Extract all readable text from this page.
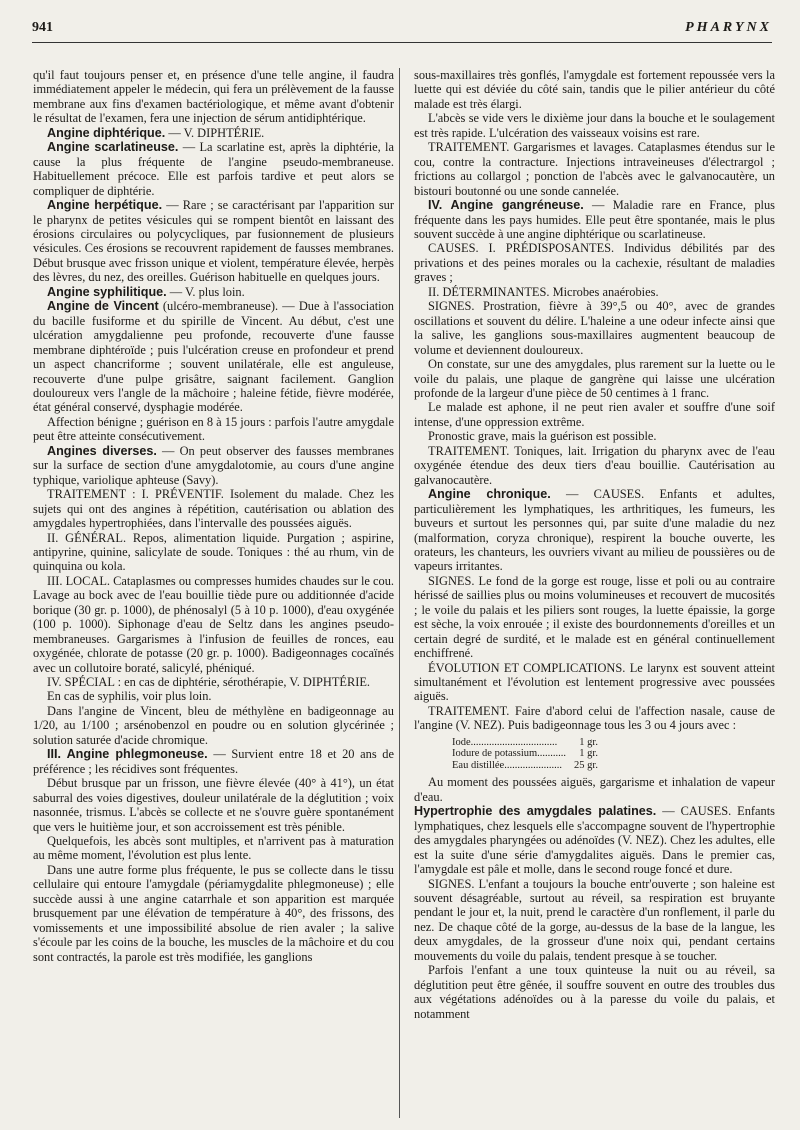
941	PHARYNX

qu'il faut toujours penser et, en présence d'une telle angine, il faudra immédiatement appeler le médecin, qui fera un prélèvement de la fausse membrane aux fins d'examen bactériologique, et même avant d'obtenir le résultat de l'examen, fera une injection de sérum antidiphtérique.

Angine diphtérique. — V. DIPHTÉRIE.

Angine scarlatineuse. — La scarlatine est, après la diphtérie, la cause la plus fréquente de l'angine pseudo-membraneuse. Habituellement précoce. Elle est parfois tardive et peut alors se compliquer de diphtérie.

Angine herpétique. — Rare ; se caractérisant par l'apparition sur le pharynx de petites vésicules qui se rompent bientôt en laissant des érosions circulaires ou polycycliques, par fusionnement de plusieurs vésicules. Ces érosions se recouvrent rapidement de fausses membranes. Début brusque avec frisson unique et violent, température élevée, herpès des lèvres, du nez, des oreilles. Guérison habituelle en quelques jours.

Angine syphilitique. — V. plus loin.

Angine de Vincent (ulcéro-membraneuse). — Due à l'association du bacille fusiforme et du spirille de Vincent. Au début, c'est une ulcération amygdalienne peu profonde, recouverte d'une fausse membrane diphtéroïde ; puis l'ulcération creuse en profondeur et prend un aspect chancriforme ; souvent unilatérale, elle est anguleuse, recouverte d'une pulpe grisâtre, saignant facilement. Ganglion douloureux vers l'angle de la mâchoire ; haleine fétide, fièvre modérée, état général conservé, dysphagie modérée.

Affection bénigne ; guérison en 8 à 15 jours : parfois l'autre amygdale peut être atteinte consécutivement.

Angines diverses. — On peut observer des fausses membranes sur la surface de section d'une amygdalotomie, au cours d'une angine typhique, variolique aphteuse (Savy).

TRAITEMENT : I. PRÉVENTIF. Isolement du malade. Chez les sujets qui ont des angines à répétition, cautérisation ou ablation des amygdales hypertrophiées, dans l'intervalle des poussées aiguës.

II. GÉNÉRAL. Repos, alimentation liquide. Purgation ; aspirine, antipyrine, quinine, salicylate de soude. Toniques : thé au rhum, vin de quinquina ou kola.

III. LOCAL. Cataplasmes ou compresses humides chaudes sur le cou. Lavage au bock avec de l'eau bouillie tiède pure ou additionnée d'acide borique (30 gr. p. 1000), de phénosalyl (5 à 10 p. 1000), d'eau oxygénée (100 p. 1000). Siphonage d'eau de Seltz dans les angines pseudo-membraneuses. Gargarismes à l'infusion de feuilles de ronces, eau oxygénée, chlorate de potasse (20 gr. p. 1000). Badigeonnages cocaïnés avec un collutoire boraté, salicylé, phéniqué.

IV. SPÉCIAL : en cas de diphtérie, sérothérapie, V. DIPHTÉRIE.

En cas de syphilis, voir plus loin.

Dans l'angine de Vincent, bleu de méthylène en badigeonnage au 1/20, au 1/100 ; arsénobenzol en poudre ou en solution glycérinée ; solution saturée d'acide chromique.

III. Angine phlegmoneuse. — Survient entre 18 et 20 ans de préférence ; les récidives sont fréquentes.

Début brusque par un frisson, une fièvre élevée (40° à 41°), un état saburral des voies digestives, douleur unilatérale de la déglutition ; voix nasonnée, trismus. L'abcès se collecte et ne s'ouvre guère spontanément que vers le huitième jour, et son accroissement est très pénible.

Quelquefois, les abcès sont multiples, et n'arrivent pas à maturation au même moment, l'évolution est plus lente.

Dans une autre forme plus fréquente, le pus se collecte dans le tissu cellulaire qui entoure l'amygdale (périamygdalite phlegmoneuse) ; elle succède aussi à une angine catarrhale et son apparition est marquée brusquement par une élévation de température à 40°, des frissons, des vomissements et une impossibilité absolue de rien avaler ; la salive s'écoule par les coins de la bouche, les muscles de la mâchoire et du cou sont contractés, la parole est très modifiée, les ganglions

sous-maxillaires très gonflés, l'amygdale est fortement repoussée vers la luette qui est déviée du côté sain, tandis que le pilier antérieur du côté malade est très élargi.

L'abcès se vide vers le dixième jour dans la bouche et le soulagement est très rapide. L'ulcération des vaisseaux voisins est rare.

TRAITEMENT. Gargarismes et lavages. Cataplasmes étendus sur le cou, contre la contracture. Injections intraveineuses d'électrargol ; frictions au collargol ; ponction de l'abcès avec le galvanocautère, un bistouri boutonné ou une sonde cannelée.

IV. Angine gangréneuse. — Maladie rare en France, plus fréquente dans les pays humides. Elle peut être spontanée, mais le plus souvent succède à une angine diphtérique ou scarlatineuse.

CAUSES. I. PRÉDISPOSANTES. Individus débilités par des privations et des peines morales ou la cachexie, résultant de maladies graves ;

II. DÉTERMINANTES. Microbes anaérobies.

SIGNES. Prostration, fièvre à 39°,5 ou 40°, avec de grandes oscillations et souvent du délire. L'haleine a une odeur infecte ainsi que la salive, les ganglions sous-maxillaires augmentent beaucoup de volume et deviennent douloureux.

On constate, sur une des amygdales, plus rarement sur la luette ou le voile du palais, une plaque de gangrène qui laisse une ulcération profonde de la largeur d'une pièce de 50 centimes à 1 franc.

Le malade est aphone, il ne peut rien avaler et souffre d'une soif intense, d'une oppression extrême.

Pronostic grave, mais la guérison est possible.

TRAITEMENT. Toniques, lait. Irrigation du pharynx avec de l'eau oxygénée étendue des deux tiers d'eau bouillie. Cautérisation au galvanocautère.

Angine chronique. — CAUSES. Enfants et adultes, particulièrement les lymphatiques, les arthritiques, les fumeurs, les buveurs et surtout les personnes qui, par suite d'une maladie du nez (malformation, coryza chronique), respirent la bouche ouverte, les orateurs, les chanteurs, les ouvriers vivant au milieu de poussières ou de vapeurs irritantes.

SIGNES. Le fond de la gorge est rouge, lisse et poli ou au contraire hérissé de saillies plus ou moins volumineuses et recouvert de mucosités ; le voile du palais et les piliers sont rouges, la luette épaissie, la gorge est sèche, la voix enrouée ; il existe des bourdonnements d'oreilles et un certain degré de surdité, et le malade est en général continuellement enchiffrené.

ÉVOLUTION ET COMPLICATIONS. Le larynx est souvent atteint simultanément et l'évolution est lentement progressive avec poussées aiguës.

TRAITEMENT. Faire d'abord celui de l'affection nasale, cause de l'angine (V. NEZ). Puis badigeonnage tous les 3 ou 4 jours avec :

Iode.................................	1 gr.
Iodure de potassium...........	1 gr.
Eau distillée......................	25 gr.

Au moment des poussées aiguës, gargarisme et inhalation de vapeur d'eau.

Hypertrophie des amygdales palatines. — CAUSES. Enfants lymphatiques, chez lesquels elle s'accompagne souvent de l'hypertrophie des amygdales pharyngées ou adénoïdes (V. NEZ). Chez les adultes, elle est la suite d'une série d'amygdalites aiguës. Dans le premier cas, l'amygdale est pâle et molle, dans le second rouge foncé et dure.

SIGNES. L'enfant a toujours la bouche entr'ouverte ; son haleine est souvent désagréable, surtout au réveil, sa respiration est bruyante pendant le jour et, la nuit, prend le caractère d'un ronflement, il parle du nez. De chaque côté de la gorge, au-dessus de la base de la langue, les deux amygdales, de la grosseur d'une noix qui, pendant certains mouvements du voile du palais, tendent presque à se toucher.

Parfois l'enfant a une toux quinteuse la nuit ou au réveil, sa déglutition peut être gênée, il souffre souvent en outre des troubles dus aux végétations adénoïdes ou à la paresse du voile du palais, et notamment
